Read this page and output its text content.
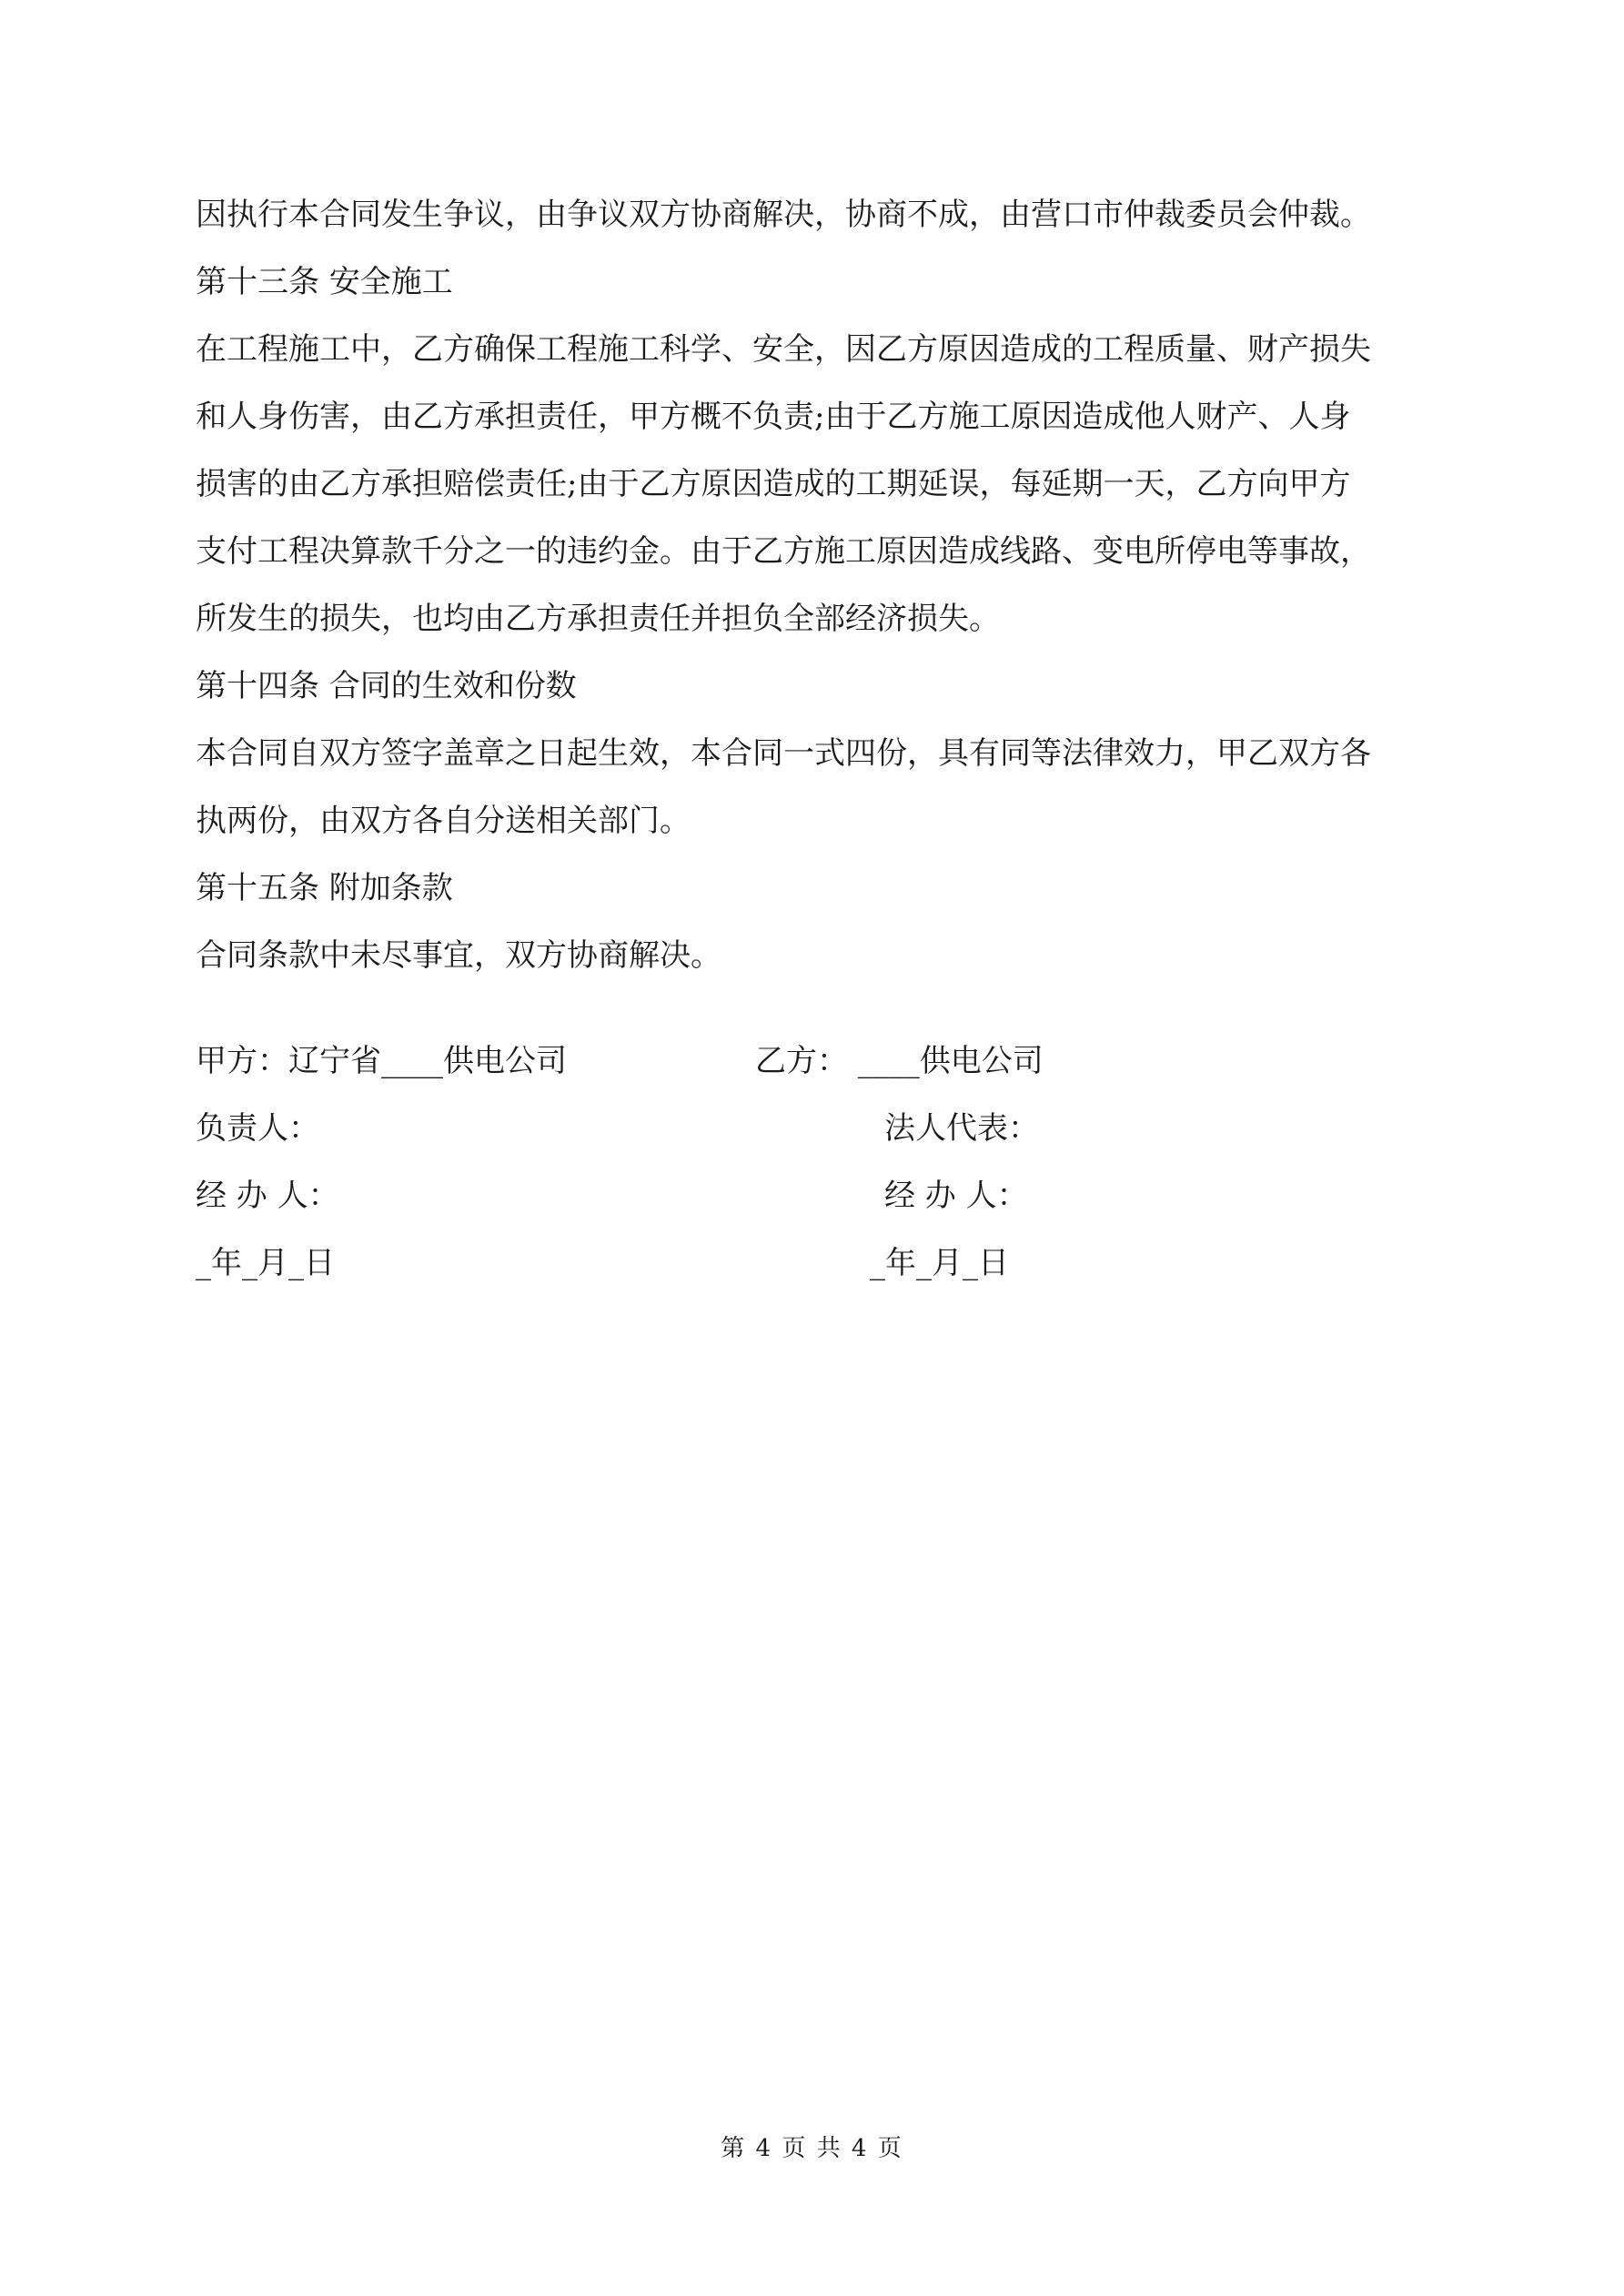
因执行本合同发生争议，由争议双方协商解决，协商不成，由营口市仲裁委员会仲裁。
第十三条 安全施工
在工程施工中，乙方确保工程施工科学、安全，因乙方原因造成的工程质量、财产损失
和人身伤害，由乙方承担责任，甲方概不负责;由于乙方施工原因造成他人财产、人身
损害的由乙方承担赔偿责任;由于乙方原因造成的工期延误，每延期一天，乙方向甲方
支付工程决算款千分之一的违约金。由于乙方施工原因造成线路、变电所停电等事故，
所发生的损失，也均由乙方承担责任并担负全部经济损失。
第十四条 合同的生效和份数
本合同自双方签字盖章之日起生效，本合同一式四份，具有同等法律效力，甲乙双方各
执两份，由双方各自分送相关部门。
第十五条 附加条款
合同条款中未尽事宜，双方协商解决。
甲方：辽宁省____供电公司	乙方： ____供电公司
负责人：	法人代表：
经 办 人：	经 办 人：
_年_月_日	_年_月_日
第 4 页 共 4 页
